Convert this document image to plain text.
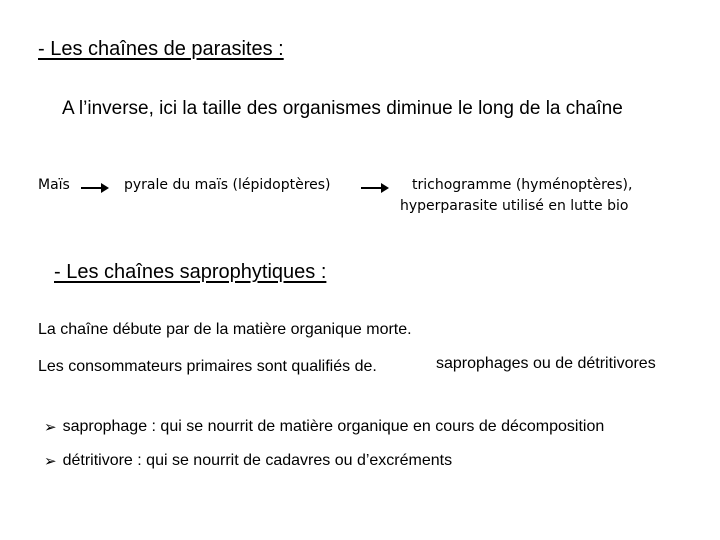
- Les chaînes de parasites :
A l’inverse, ici la taille des organismes diminue le long de la chaîne
Maïs	pyrale du maïs (lépidoptères)	trichogramme (hyménoptères),
hyperparasite utilisé en lutte bio
- Les chaînes saprophytiques :
La chaîne débute par de la matière organique morte.
Les consommateurs primaires sont qualifiés de.	saprophages ou de détritivores
➢ saprophage : qui se nourrit de matière organique en cours de décomposition
➢ détritivore : qui se nourrit de cadavres ou d’excréments
